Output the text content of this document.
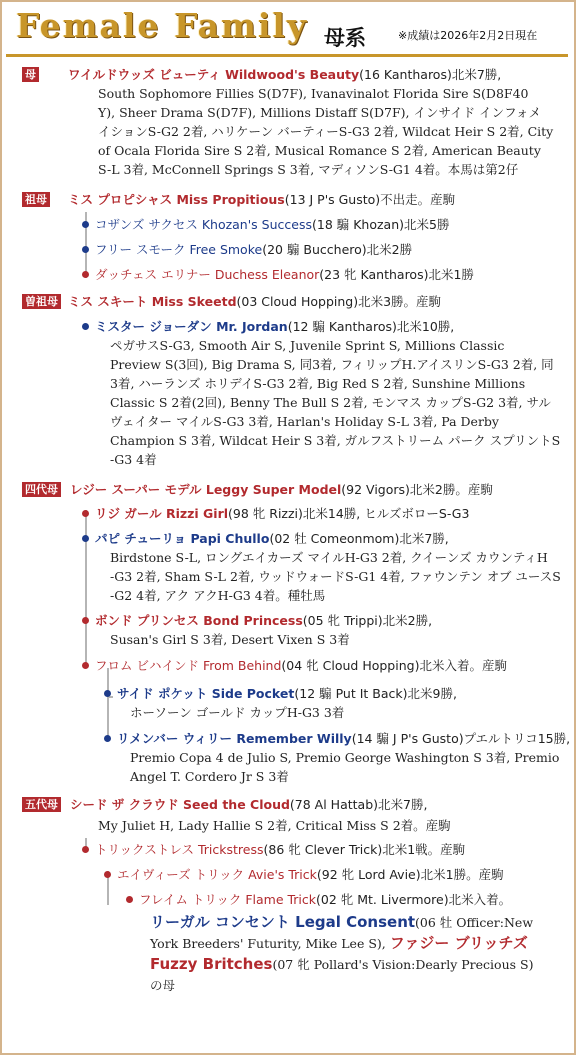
Female Family 母系	※成績は2026年2月2日現在
母	ワイルドウッズ ビューティ Wildwood's Beauty(16 Kantharos)北米7勝,
South Sophomore Fillies S(D7F), Ivanavinalot Florida Sire S(D8F40
Y), Sheer Drama S(D7F), Millions Distaff S(D7F), インサイド インフォメ
イションS-G2 2着, ハリケーン バーティーS-G3 2着, Wildcat Heir S 2着, City
of Ocala Florida Sire S 2着, Musical Romance S 2着, American Beauty
S-L 3着, McConnell Springs S 3着, マディソンS-G1 4着。本馬は第2仔
祖母 ミス プロピシャス Miss Propitious(13 J P's Gusto)不出走。産駒
コザンズ サクセス Khozan's Success(18 騸 Khozan)北米5勝
フリー スモーク Free Smoke(20 騸 Bucchero)北米2勝
ダッチェス エリナー Duchess Eleanor(23 牝 Kantharos)北米1勝
曽祖母 ミス スキート Miss Skeetd(03 Cloud Hopping)北米3勝。産駒
ミスター ジョーダン Mr. Jordan(12 騸 Kantharos)北米10勝,
ペガサスS-G3, Smooth Air S, Juvenile Sprint S, Millions Classic
Preview S(3回), Big Drama S, 同3着, フィリップH.アイスリンS-G3 2着, 同
3着, ハーランズ ホリデイS-G3 2着, Big Red S 2着, Sunshine Millions
Classic S 2着(2回), Benny The Bull S 2着, モンマス カップS-G2 3着, サル
ヴェイター マイルS-G3 3着, Harlan's Holiday S-L 3着, Pa Derby
Champion S 3着, Wildcat Heir S 3着, ガルフストリーム パーク スプリントS
-G3 4着
四代母 レジー スーパー モデル Leggy Super Model(92 Vigors)北米2勝。産駒
リジ ガール Rizzi Girl(98 牝 Rizzi)北米14勝, ヒルズボローS-G3
パピ チューリョ Papi Chullo(02 牡 Comeonmom)北米7勝,
Birdstone S-L, ロングエイカーズ マイルH-G3 2着, クイーンズ カウンティH
-G3 2着, Sham S-L 2着, ウッドウォードS-G1 4着, ファウンテン オブ ユースS
-G2 4着, アク アクH-G3 4着。種牡馬
ボンド プリンセス Bond Princess(05 牝 Trippi)北米2勝,
Susan's Girl S 3着, Desert Vixen S 3着
フロム ビハインド From Behind(04 牝 Cloud Hopping)北米入着。産駒
サイド ポケット Side Pocket(12 騸 Put It Back)北米9勝,
ホーソーン ゴールド カップH-G3 3着
リメンバー ウィリー Remember Willy(14 騸 J P's Gusto)プエルトリコ15勝,
Premio Copa 4 de Julio S, Premio George Washington S 3着, Premio
Angel T. Cordero Jr S 3着
五代母 シード ザ クラウド Seed the Cloud(78 Al Hattab)北米7勝,
My Juliet H, Lady Hallie S 2着, Critical Miss S 2着。産駒
トリックストレス Trickstress(86 牝 Clever Trick)北米1戦。産駒
エイヴィーズ トリック Avie's Trick(92 牝 Lord Avie)北米1勝。産駒
フレイム トリック Flame Trick(02 牝 Mt. Livermore)北米入着。
リーガル コンセント Legal Consent(06 牡 Officer:New
York Breeders' Futurity, Mike Lee S), ファジー ブリッチズ
Fuzzy Britches(07 牝 Pollard's Vision:Dearly Precious S)
の母
